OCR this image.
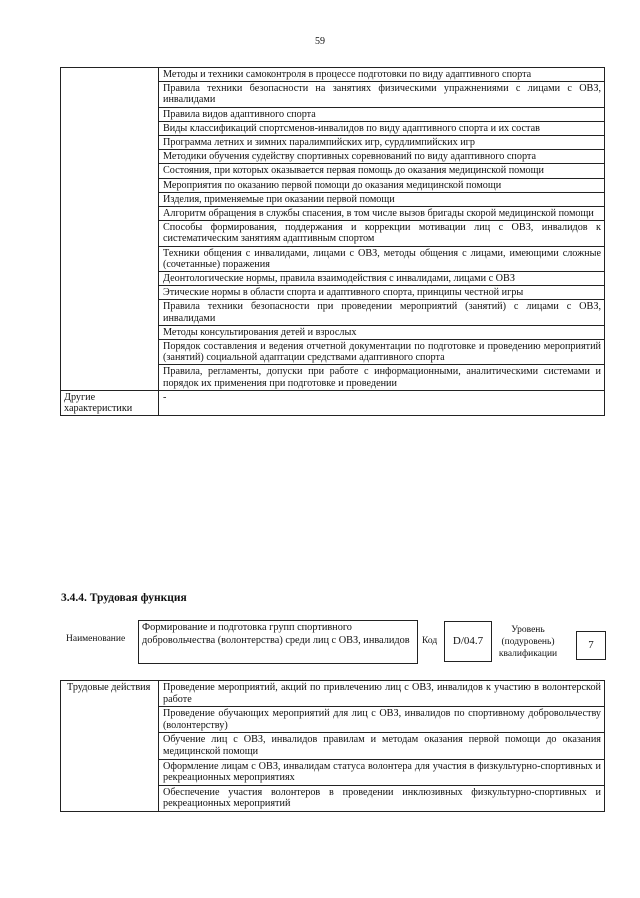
59
	Методы и техники самоконтроля в процессе подготовки по виду адаптивного спорта
	Правила техники безопасности на занятиях физическими упражнениями с лицами с ОВЗ, инвалидами
	Правила видов адаптивного спорта
	Виды классификаций спортсменов-инвалидов по виду адаптивного спорта и их состав
	Программа летних и зимних паралимпийских игр, сурдлимпийских игр
	Методики обучения судейству спортивных соревнований по виду адаптивного спорта
	Состояния, при которых оказывается первая помощь до оказания медицинской помощи
	Мероприятия по оказанию первой помощи до оказания медицинской помощи
	Изделия, применяемые при оказании первой помощи
	Алгоритм обращения в службы спасения, в том числе вызов бригады скорой медицинской помощи
	Способы формирования, поддержания и коррекции мотивации лиц с ОВЗ, инвалидов к систематическим занятиям адаптивным спортом
	Техники общения с инвалидами, лицами с ОВЗ, методы общения с лицами, имеющими сложные (сочетанные) поражения
	Деонтологические нормы, правила взаимодействия с инвалидами, лицами с ОВЗ
	Этические нормы в области спорта и адаптивного спорта, принципы честной игры
	Правила техники безопасности при проведении мероприятий (занятий) с лицами с ОВЗ, инвалидами
	Методы консультирования детей и взрослых
	Порядок составления и ведения отчетной документации по подготовке и проведению мероприятий (занятий) социальной адаптации средствами адаптивного спорта
	Правила, регламенты, допуски при работе с информационными, аналитическими системами и порядок их применения при подготовке и проведении
Другие характеристики	-
3.4.4. Трудовая функция
Наименование
Формирование и подготовка групп спортивного добровольчества (волонтерства) среди лиц с ОВЗ, инвалидов	Код	D/04.7
Уровень (подуровень) квалификации
7
Трудовые действия	Проведение мероприятий, акций по привлечению лиц с ОВЗ, инвалидов к участию в волонтерской работе
Проведение обучающих мероприятий для лиц с ОВЗ, инвалидов по спортивному добровольчеству (волонтерству)
Обучение лиц с ОВЗ, инвалидов правилам и методам оказания первой помощи до оказания медицинской помощи
Оформление лицам с ОВЗ, инвалидам статуса волонтера для участия в физкультурно-спортивных и рекреационных мероприятиях
Обеспечение участия волонтеров в проведении инклюзивных физкультурно-спортивных и рекреационных мероприятий
